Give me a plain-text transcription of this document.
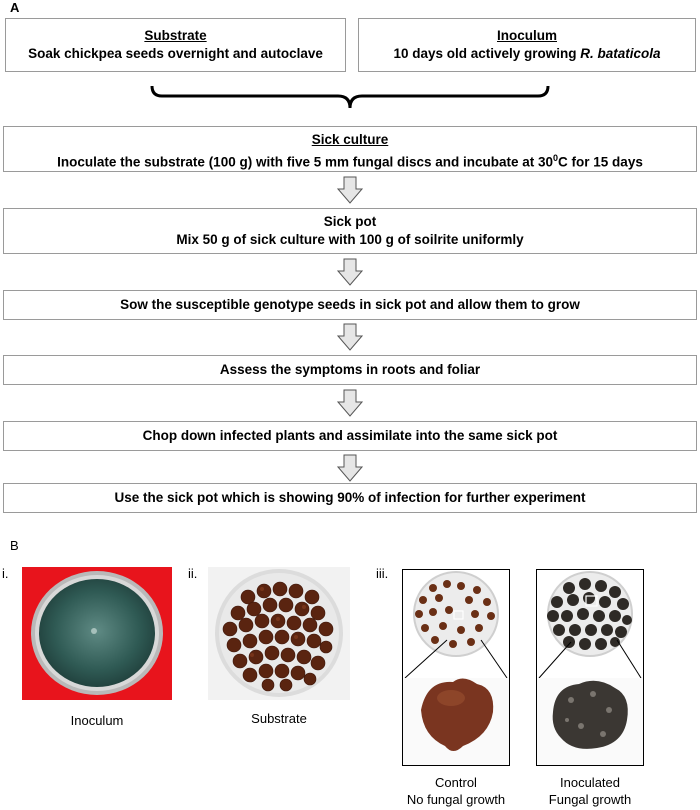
A
Substrate
Soak chickpea seeds overnight and autoclave
Inoculum
10 days old actively growing R. bataticola
Sick culture
Inoculate the substrate (100 g) with five 5 mm fungal discs and incubate at $30^0C$ for 15 days
Sick pot
Mix 50 g of sick culture with 100 g of soilrite uniformly
Sow the susceptible genotype seeds in sick pot and allow them to grow
Assess the symptoms in roots and foliar
Chop down infected plants and assimilate into the same sick pot
Use the sick pot which is showing 90% of infection for further experiment
B
i.	ii.	iii.
Inoculum	Substrate
Control
No fungal growth
Inoculated
Fungal growth
